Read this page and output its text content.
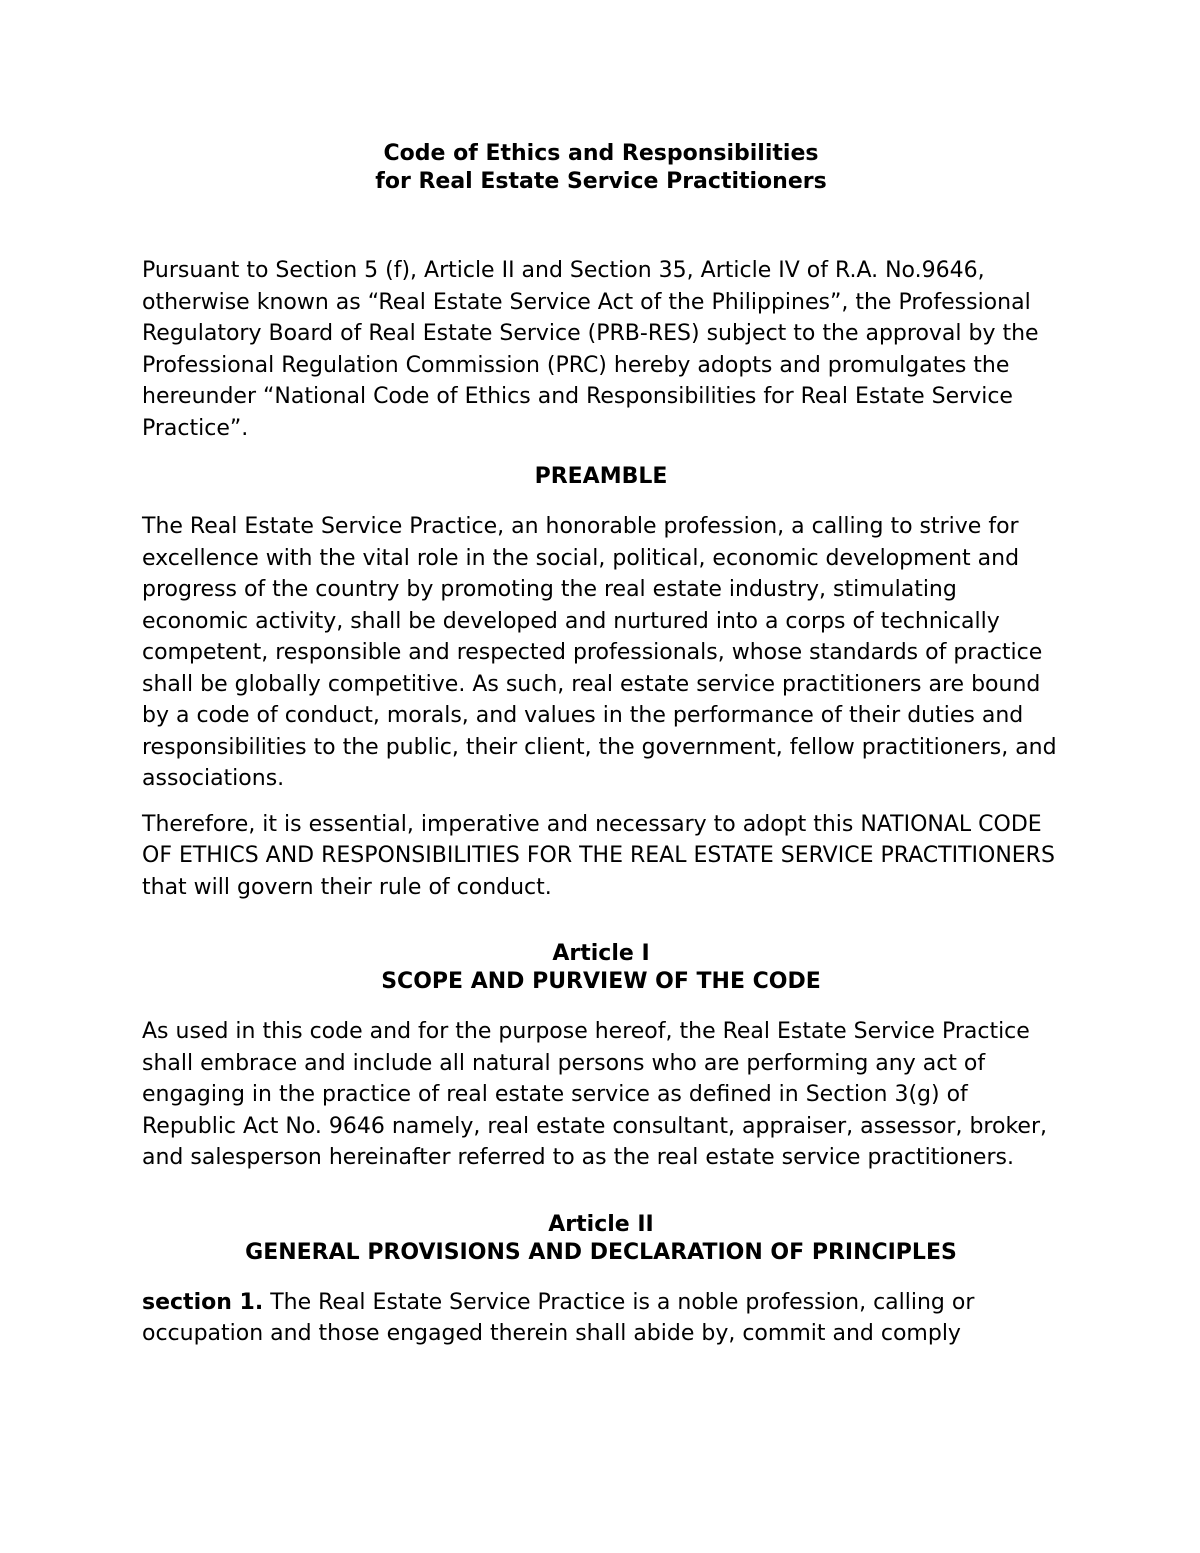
Code of Ethics and Responsibilities
for Real Estate Service Practitioners

Pursuant to Section 5 (f), Article II and Section 35, Article IV of R.A. No.9646, otherwise known as “Real Estate Service Act of the Philippines”, the Professional Regulatory Board of Real Estate Service (PRB-RES) subject to the approval by the Professional Regulation Commission (PRC) hereby adopts and promulgates the hereunder “National Code of Ethics and Responsibilities for Real Estate Service Practice”.

PREAMBLE

The Real Estate Service Practice, an honorable profession, a calling to strive for excellence with the vital role in the social, political, economic development and progress of the country by promoting the real estate industry, stimulating economic activity, shall be developed and nurtured into a corps of technically competent, responsible and respected professionals, whose standards of practice shall be globally competitive. As such, real estate service practitioners are bound by a code of conduct, morals, and values in the performance of their duties and responsibilities to the public, their client, the government, fellow practitioners, and associations.

Therefore, it is essential, imperative and necessary to adopt this NATIONAL CODE OF ETHICS AND RESPONSIBILITIES FOR THE REAL ESTATE SERVICE PRACTITIONERS that will govern their rule of conduct.

Article I
SCOPE AND PURVIEW OF THE CODE

As used in this code and for the purpose hereof, the Real Estate Service Practice shall embrace and include all natural persons who are performing any act of engaging in the practice of real estate service as defined in Section 3(g) of Republic Act No. 9646 namely, real estate consultant, appraiser, assessor, broker, and salesperson hereinafter referred to as the real estate service practitioners.

Article II
GENERAL PROVISIONS AND DECLARATION OF PRINCIPLES

section 1. The Real Estate Service Practice is a noble profession, calling or occupation and those engaged therein shall abide by, commit and comply
